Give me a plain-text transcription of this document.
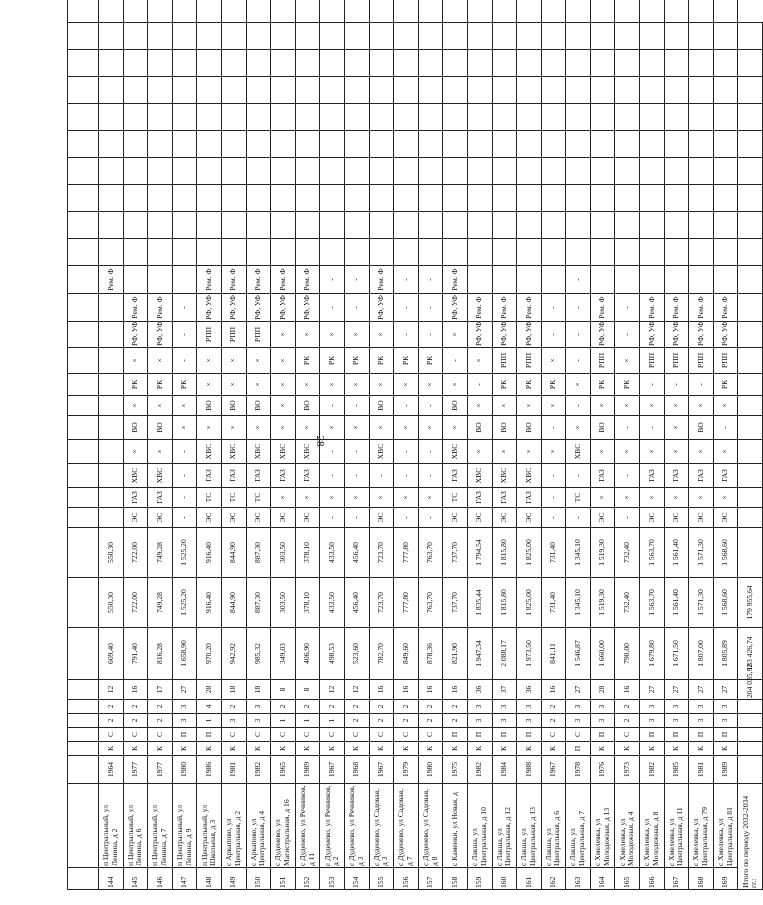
28

144	п Центральный, ул Ленина, д 2	1964	К	С	2	2	12	609,40	550,30	550,30											Рем. Ф										
145	п Центральный, ул Ленина, д 6	1977	К	С	2	2	16	791,40	722,00	722,00	ЭС	ГАЗ	ХВС	×	ВО	×	РК	×	РФ, УФ	Рем. Ф											
146	п Центральный, ул Ленина, д 7	1977	К	С	2	2	17	816,28	749,28	749,28	ЭС	ГАЗ	ХВС	×	ВО	×	РК	×	РФ, УФ	Рем. Ф											
147	п Центральный, ул Ленина, д 9	1980	К	П	3	3	27	1 658,90	1 525,20	1 525,20	-	-	-	-	×	×	РК	-	-	-											
148	п Центральный, ул Школьная, д 3	1986	К	П	1	4	28	970,20	916,40	916,40	ЭС	ТС	ГАЗ	ХВС	×	ВО	×	×	РПП	РФ, УФ	Рем. Ф										
149	с Аркапово, ул Центральная, д 2	1981	К	С	3	2	18	942,92	844,90	844,90	ЭС	ТС	ГАЗ	ХВС	×	ВО	×	×	РПП	РФ, УФ	Рем. Ф										
150	с Аркапово, ул Центральная, д 4	1982	К	С	3	3	18	985,32	887,30	887,30	ЭС	ТС	ГАЗ	ХВС	×	ВО	×	×	РПП	РФ, УФ	Рем. Ф										
151	с Дуденево, ул Магистральная, д 16	1965	К	С	1	2	8	349,03	303,50	303,50	ЭС	×	ГАЗ	ХВС	×	×	×	×	×	РФ, УФ	Рем. Ф										
152	с Дуденево, ул Речников, д 11	1989	К	С	1	2	8	406,90	378,10	378,10	ЭС	×	ГАЗ	ХВС	×	ВО	×	РК	×	РФ, УФ	Рем. Ф										
153	с Дуденево, ул Речников, д 2	1967	К	С	1	2	12	498,53	433,50	433,50	-	×	-	-	×	-	×	РК	×	-	-										
154	с Дуденево, ул Речников, д 3	1968	К	С	2	2	12	523,60	456,40	456,40	-	×	-	-	×	-	×	РК	×	-	-										
155	с Дуденево, ул Садовая, д 3	1967	К	С	2	2	16	782,70	723,70	723,70	ЭС	×	-	ХВС	×	ВО	×	РК	×	РФ, УФ	Рем. Ф										
156	с Дуденево, ул Садовая, д 7	1979	К	С	2	2	16	849,60	777,80	777,80	-	×	-	-	×	-	×	РК	-	-	-										
157	с Дуденево, ул Садовая, д 8	1980	К	С	2	2	16	878,36	763,70	763,70	-	×	-	-	×	-	×	РК	-	-	-										
158	с Каменки, ул Новая, д	1975	К	П	2	2	16	821,90	737,70	737,70	ЭС	ТС	ГАЗ	ХВС	×	ВО	×	-	×	РФ, УФ	Рем. Ф										
159	с Лакша, ул Центральная, д 10	1982	К	П	3	3	36	1 947,34	1 835,44	1 794,54	ЭС	ГАЗ	ХВС	×	ВО	×	-	×	РФ, УФ	Рем. Ф											
160	с Лакша, ул Центральная, д 12	1984	К	П	3	3	37	2 088,17	1 815,80	1 815,80	ЭС	ГАЗ	ХВС	×	ВО	×	РК	РПП	РФ, УФ	Рем. Ф											
161	с Лакша, ул Центральная, д 13	1988	К	П	3	3	36	1 973,50	1 825,00	1 825,00	ЭС	ГАЗ	ХВС	×	ВО	×	РК	РПП	РФ, УФ	Рем. Ф											
162	с Лакша, ул Центральная, д 6	1967	К	С	2	2	16	841,11	731,40	731,40	-	-	-	×	-	×	РК	×	-	-											
163	с Лакша, ул Центральная, д 7	1978	П	С	3	3	27	1 546,87	1 345,10	1 345,10	-	ТС	-	ХВС	×	-	×	-	-	-	-										
164	с Хмелевка, ул Молодежная, д 13	1976	К	П	3	3	28	1 660,00	1 519,30	1 519,30	ЭС	×	ГАЗ	×	ВО	×	РК	РПП	РФ, УФ	Рем. Ф											
165	с Хмелевка, ул Молодежная, д 4	1973	К	С	2	2	16	790,00	732,40	732,40	-	×	-	×	-	×	РК	×	-	-											
166	с Хмелевка, ул Молодежная, д 8	1982	К	П	3	3	27	1 679,80	1 563,70	1 563,70	ЭС	×	ГАЗ	×	-	×	-	РПП	РФ, УФ	Рем. Ф											
167	с Хмелевка, ул Центральная, д 11	1985	К	П	3	3	27	1 671,50	1 561,40	1 561,40	ЭС	×	ГАЗ	×	×	×	-	РПП	РФ, УФ	Рем. Ф											
168	с Хмелевка, ул Центральная, д 79	1981	К	П	3	3	27	1 807,00	1 571,30	1 571,30	ЭС	×	ГАЗ	×	ВО	×	-	РПП	РФ, УФ	Рем. Ф											
169	с Хмелевка, ул Центральная, д 81	1989	К	П	3	3	27	1 805,89	1 568,60	1 568,60	ЭС	×	ГАЗ	×	-	×	РК	РПП	РФ, УФ	Рем. Ф											
Итого по периоду 2032-2034 гг.:							204 035,92	183 426,74	179 955,64																						
